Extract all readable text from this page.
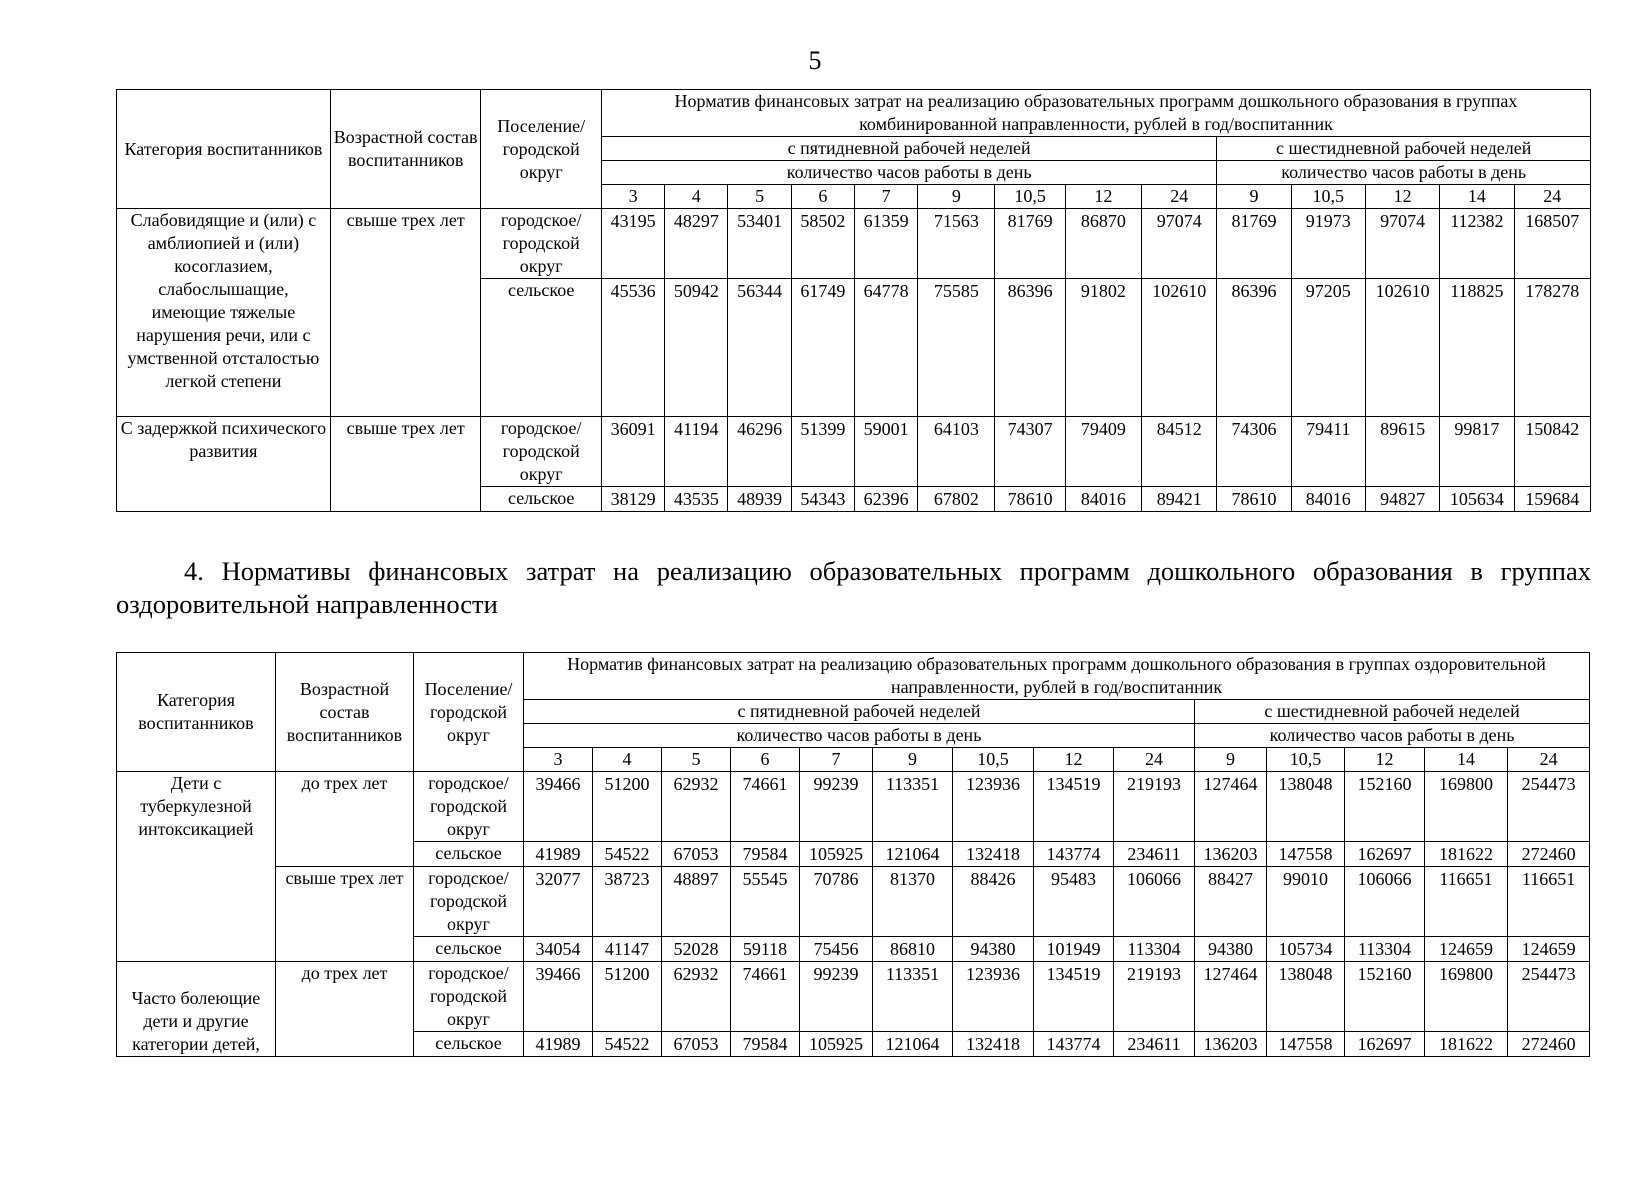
5
Категория воспитанников	Возрастной состав воспитанников	Поселение/ городской округ	Норматив финансовых затрат на реализацию образовательных программ дошкольного образования в группах комбинированной направленности, рублей в год/воспитанник													
			с пятидневной рабочей неделей									с шестидневной рабочей неделей				
			количество часов работы в день									количество часов работы в день				
			3	4	5	6	7	9	10,5	12	24	9	10,5	12	14	24
Слабовидящие и (или) с амблиопией и (или) косоглазием, слабослышащие, имеющие тяжелые нарушения речи, или с умственной отсталостью легкой степени	свыше трех лет	городское/ городской округ	43195	48297	53401	58502	61359	71563	81769	86870	97074	81769	91973	97074	112382	168507
		сельское	45536	50942	56344	61749	64778	75585	86396	91802	102610	86396	97205	102610	118825	178278
С задержкой психического развития	свыше трех лет	городское/ городской округ	36091	41194	46296	51399	59001	64103	74307	79409	84512	74306	79411	89615	99817	150842
		сельское	38129	43535	48939	54343	62396	67802	78610	84016	89421	78610	84016	94827	105634	159684
4. Нормативы финансовых затрат на реализацию образовательных программ дошкольного образования в группах оздоровительной направленности
Категория воспитанников	Возрастной состав воспитанников	Поселение/ городской округ	Норматив финансовых затрат на реализацию образовательных программ дошкольного образования в группах оздоровительной направленности, рублей в год/воспитанник													
			с пятидневной рабочей неделей									с шестидневной рабочей неделей				
			количество часов работы в день									количество часов работы в день				
			3	4	5	6	7	9	10,5	12	24	9	10,5	12	14	24
Дети с туберкулезной интоксикацией	до трех лет	городское/ городской округ	39466	51200	62932	74661	99239	113351	123936	134519	219193	127464	138048	152160	169800	254473
		сельское	41989	54522	67053	79584	105925	121064	132418	143774	234611	136203	147558	162697	181622	272460
	свыше трех лет	городское/ городской округ	32077	38723	48897	55545	70786	81370	88426	95483	106066	88427	99010	106066	116651	116651
		сельское	34054	41147	52028	59118	75456	86810	94380	101949	113304	94380	105734	113304	124659	124659
Часто болеющие дети и другие категории детей,	до трех лет	городское/ городской округ	39466	51200	62932	74661	99239	113351	123936	134519	219193	127464	138048	152160	169800	254473
		сельское	41989	54522	67053	79584	105925	121064	132418	143774	234611	136203	147558	162697	181622	272460
